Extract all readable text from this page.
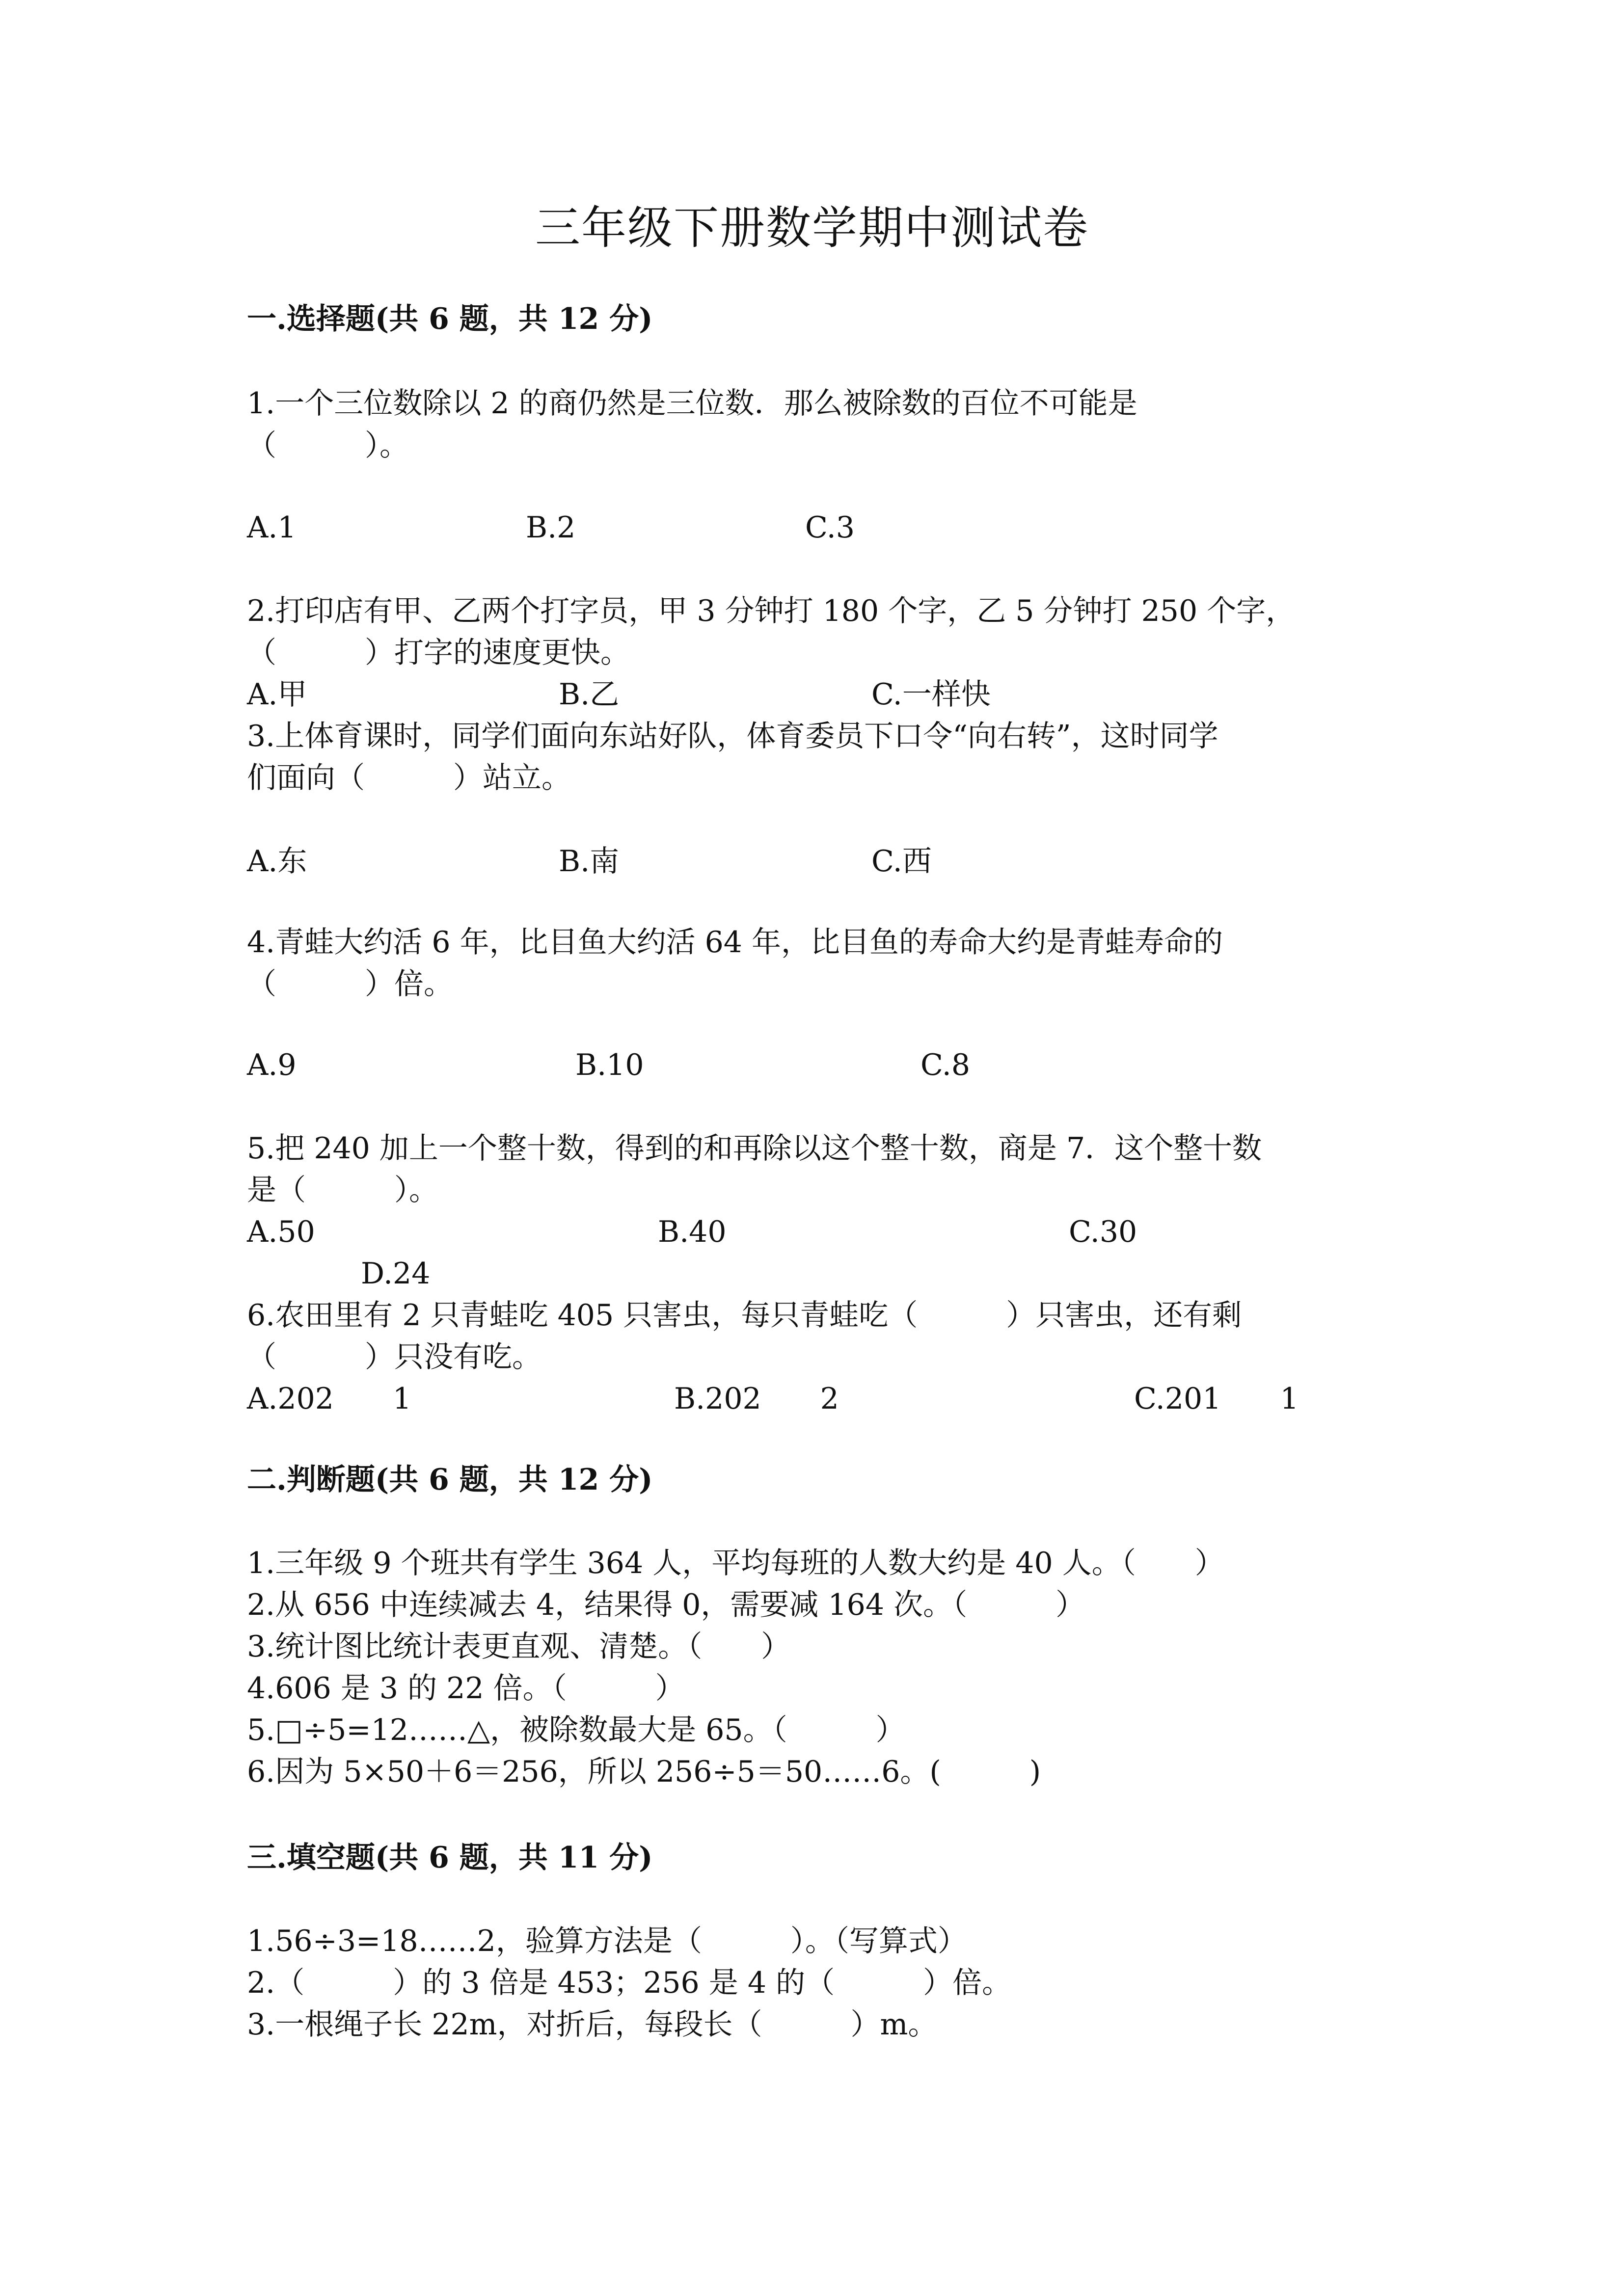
三年级下册数学期中测试卷
一.选择题(共 6 题，共 12 分)
1.一个三位数除以 2 的商仍然是三位数．那么被除数的百位不可能是
（　　　）。
A.1	B.2	C.3
2.打印店有甲、乙两个打字员，甲 3 分钟打 180 个字，乙 5 分钟打 250 个字，
（　　　）打字的速度更快。
A.甲	B.乙	C.一样快
3.上体育课时，同学们面向东站好队，体育委员下口令“向右转”，这时同学
们面向（　　　）站立。
A.东	B.南	C.西
4.青蛙大约活 6 年，比目鱼大约活 64 年，比目鱼的寿命大约是青蛙寿命的
（　　　）倍。
A.9	B.10	C.8
5.把 240 加上一个整十数，得到的和再除以这个整十数，商是 7．这个整十数
是（　　　）。
A.50	B.40	C.30
D.24
6.农田里有 2 只青蛙吃 405 只害虫，每只青蛙吃（　　　）只害虫，还有剩
（　　　）只没有吃。
A.202　　1	B.202　　2	C.201　　1
二.判断题(共 6 题，共 12 分)
1.三年级 9 个班共有学生 364 人，平均每班的人数大约是 40 人。（　　）
2.从 656 中连续减去 4，结果得 0，需要减 164 次。（　　　）
3.统计图比统计表更直观、清楚。（　　）
4.606 是 3 的 22 倍。（　　　）
5.□÷5=12……△，被除数最大是 65。（　　　）
6.因为 5×50＋6＝256，所以 256÷5＝50……6。(　　　)
三.填空题(共 6 题，共 11 分)
1.56÷3=18……2，验算方法是（　　　）。（写算式）
2.（　　　）的 3 倍是 453；256 是 4 的（　　　）倍。
3.一根绳子长 22m，对折后，每段长（　　　）m。
